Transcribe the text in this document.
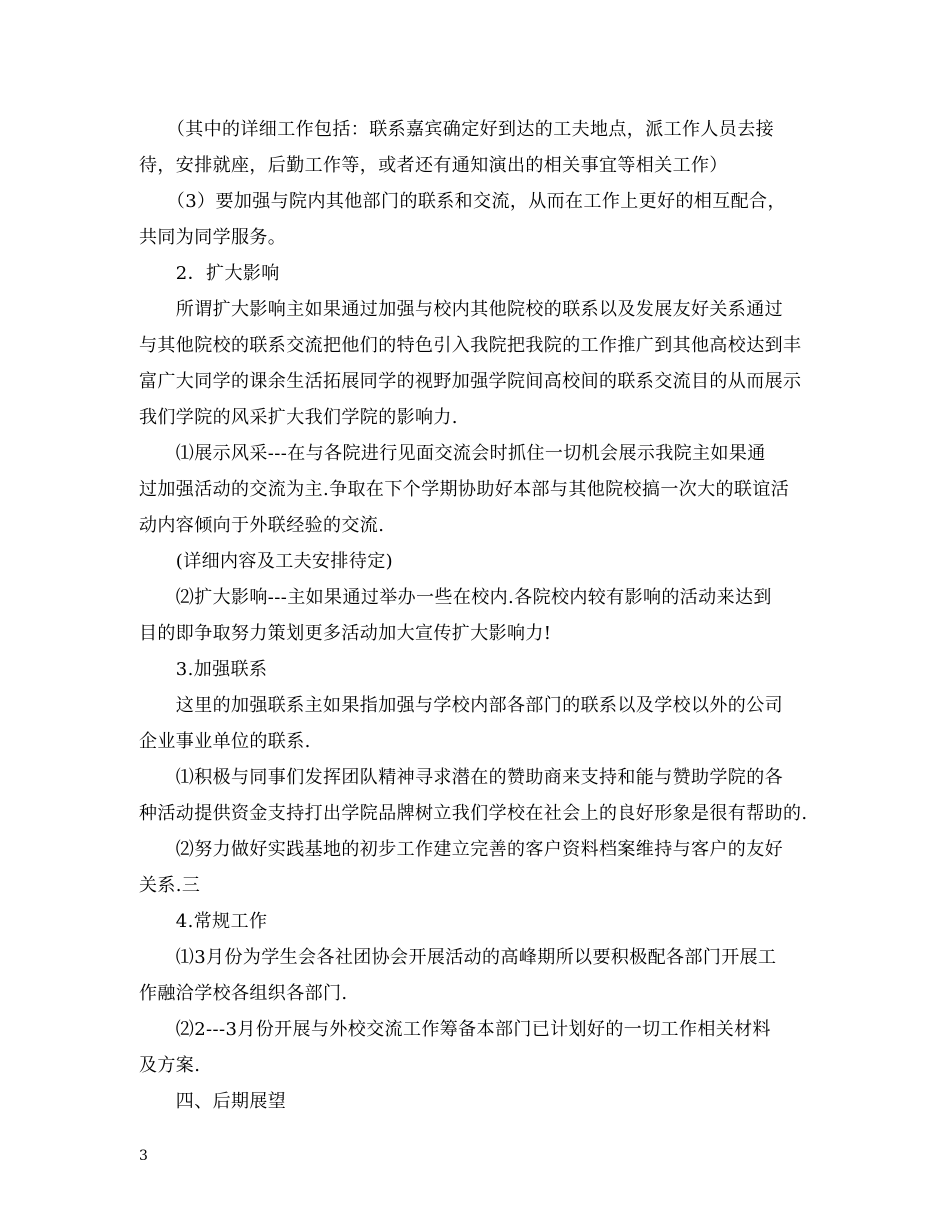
　　（其中的详细工作包括：联系嘉宾确定好到达的工夫地点，派工作人员去接

待，安排就座，后勤工作等，或者还有通知演出的相关事宜等相关工作）

　　（3）要加强与院内其他部门的联系和交流，从而在工作上更好的相互配合，

共同为同学服务。

　　2．扩大影响

　　所谓扩大影响主如果通过加强与校内其他院校的联系以及发展友好关系通过

与其他院校的联系交流把他们的特色引入我院把我院的工作推广到其他高校达到丰

富广大同学的课余生活拓展同学的视野加强学院间高校间的联系交流目的从而展示

我们学院的风采扩大我们学院的影响力.

　　⑴展示风采---在与各院进行见面交流会时抓住一切机会展示我院主如果通

过加强活动的交流为主.争取在下个学期协助好本部与其他院校搞一次大的联谊活

动内容倾向于外联经验的交流.

　　(详细内容及工夫安排待定)

　　⑵扩大影响---主如果通过举办一些在校内.各院校内较有影响的活动来达到

目的即争取努力策划更多活动加大宣传扩大影响力!

　　3.加强联系

　　这里的加强联系主如果指加强与学校内部各部门的联系以及学校以外的公司

企业事业单位的联系.

　　⑴积极与同事们发挥团队精神寻求潜在的赞助商来支持和能与赞助学院的各

种活动提供资金支持打出学院品牌树立我们学校在社会上的良好形象是很有帮助的.

　　⑵努力做好实践基地的初步工作建立完善的客户资料档案维持与客户的友好

关系.三

　　4.常规工作

　　⑴3月份为学生会各社团协会开展活动的高峰期所以要积极配各部门开展工

作融洽学校各组织各部门.

　　⑵2---3月份开展与外校交流工作筹备本部门已计划好的一切工作相关材料

及方案.

　　四、后期展望

3
